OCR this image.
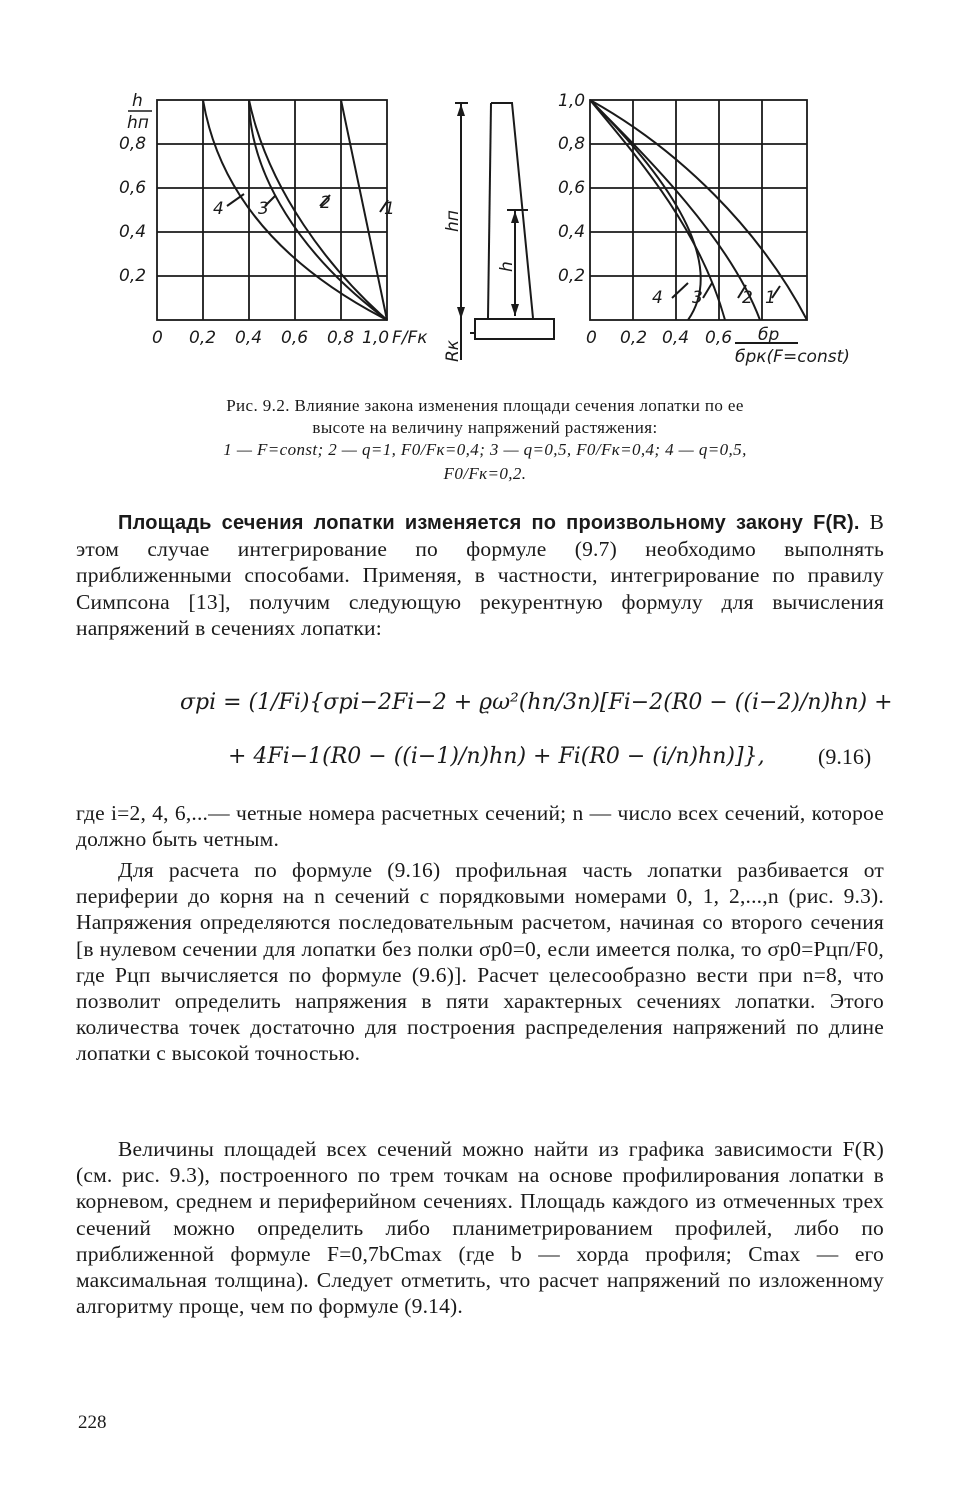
h
hп
0,2
0,4
0,6
0,8
0 0,2 0,4 0,6 0,8 1,0 F/Fк
4 3	2	1
hп
h
Rк
1,0
0,8
0,6
0,4
0,2
0 0,2 0,4 0,6 бр
брк(F=const)
4 3 2 1
Рис. 9.2. Влияние закона изменения площади сечения лопатки по ее
высоте на величину напряжений растяжения:
1 — F=const; 2 — q=1, F0/Fк=0,4; 3 — q=0,5, F0/Fк=0,4; 4 — q=0,5,
F0/Fк=0,2.
Площадь сечения лопатки изменяется по произвольному закону F(R). В этом случае интегрирование по формуле (9.7) необходимо выполнять приближенными способами. Применяя, в частности, интегрирование по правилу Симпсона [13], получим следующую рекурентную формулу для вычисления напряжений в сечениях лопатки:
σpi = (1/Fi){σpi−2Fi−2 + ϱω²(hп/3n)[Fi−2(R0 − ((i−2)/n)hп) +
+ 4Fi−1(R0 − ((i−1)/n)hп) + Fi(R0 − (i/n)hп)]}, (9.16)
где i=2, 4, 6,...— четные номера расчетных сечений; n — число всех сечений, которое должно быть четным.
Для расчета по формуле (9.16) профильная часть лопатки разбивается от периферии до корня на n сечений с порядковыми номерами 0, 1, 2,...,n (рис. 9.3). Напряжения определяются последовательным расчетом, начиная со второго сечения [в нулевом сечении для лопатки без полки σp0=0, если имеется полка, то σp0=Pцп/F0, где Pцп вычисляется по формуле (9.6)]. Расчет целесообразно вести при n=8, что позволит определить напряжения в пяти характерных сечениях лопатки. Этого количества точек достаточно для построения распределения напряжений по длине лопатки с высокой точностью.
Величины площадей всех сечений можно найти из графика зависимости F(R) (см. рис. 9.3), построенного по трем точкам на основе профилирования лопатки в корневом, среднем и периферийном сечениях. Площадь каждого из отмеченных трех сечений можно определить либо планиметрированием профилей, либо по приближенной формуле F=0,7bCmax (где b — хорда профиля; Cmax — его максимальная толщина). Следует отметить, что расчет напряжений по изложенному алгоритму проще, чем по формуле (9.14).
228
